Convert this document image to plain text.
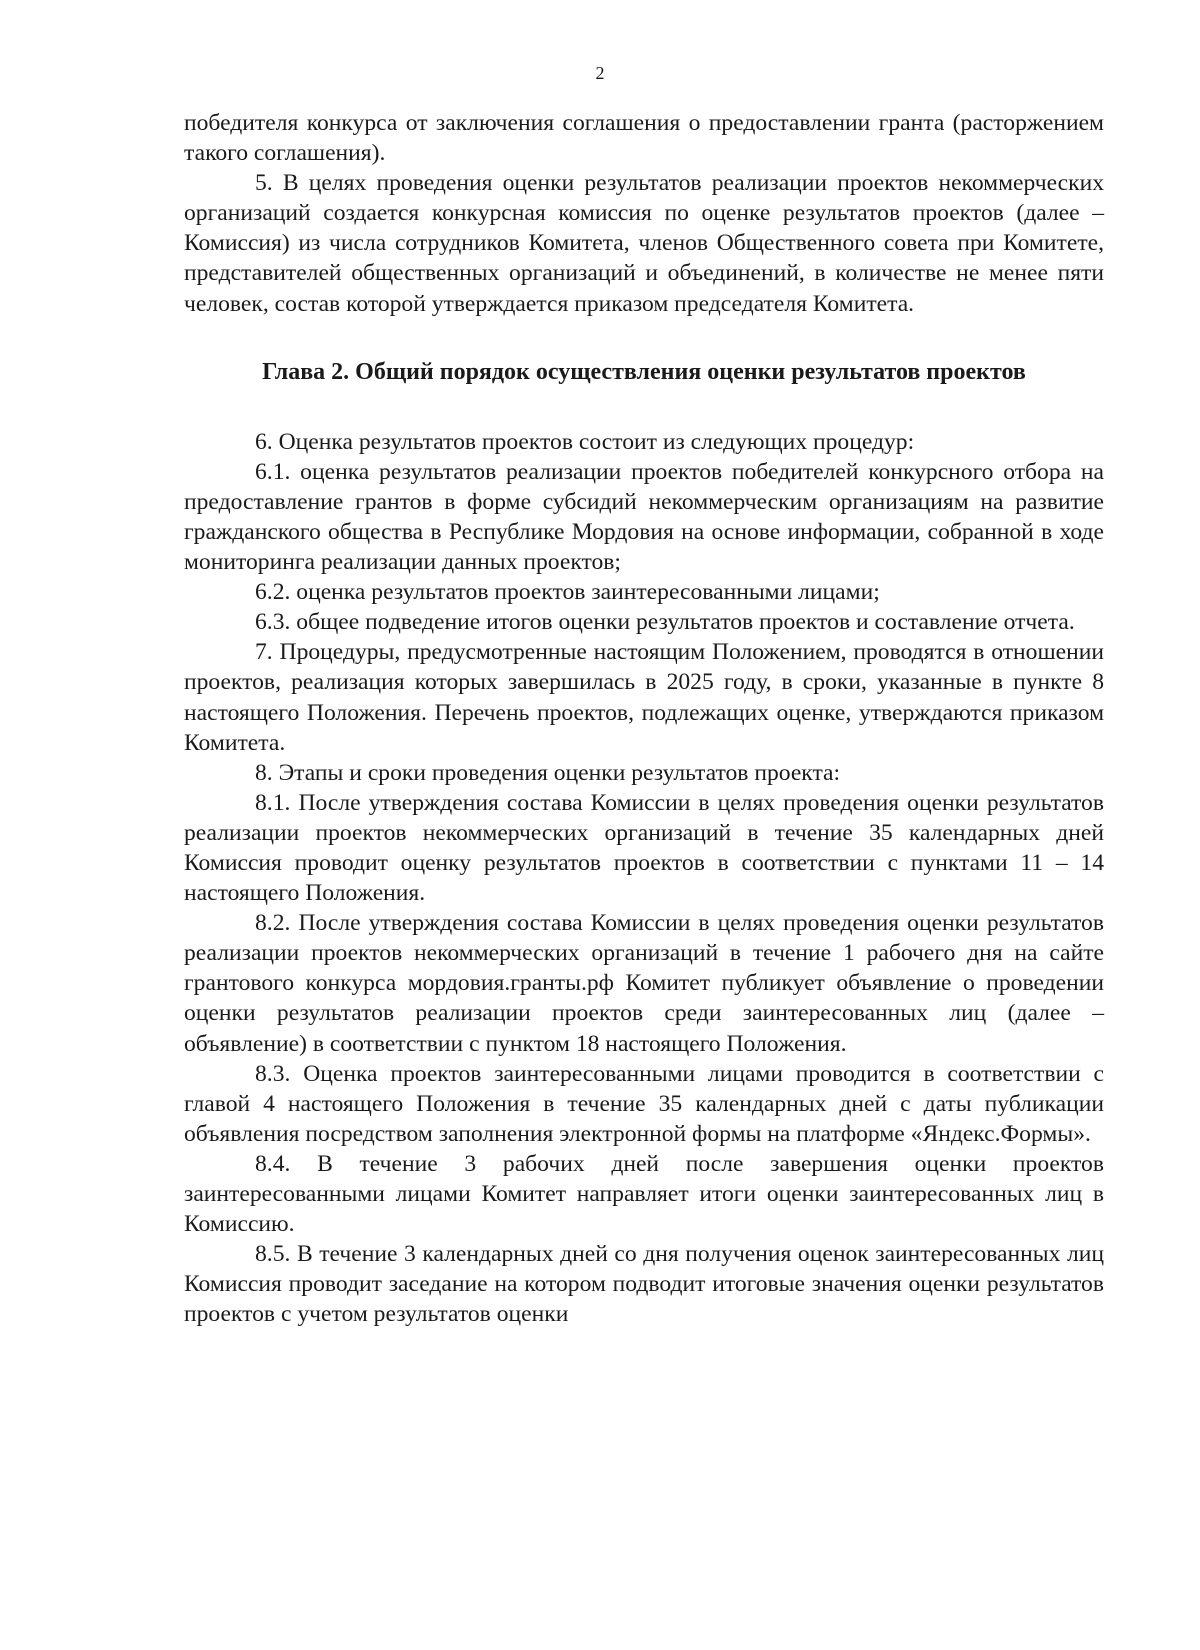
2

победителя конкурса от заключения соглашения о предоставлении гранта (расторжением такого соглашения).

5. В целях проведения оценки результатов реализации проектов некоммерческих организаций создается конкурсная комиссия по оценке результатов проектов (далее – Комиссия) из числа сотрудников Комитета, членов Общественного совета при Комитете, представителей общественных организаций и объединений, в количестве не менее пяти человек, состав которой утверждается приказом председателя Комитета.

Глава 2. Общий порядок осуществления оценки результатов проектов

6. Оценка результатов проектов состоит из следующих процедур:

6.1. оценка результатов реализации проектов победителей конкурсного отбора на предоставление грантов в форме субсидий некоммерческим организациям на развитие гражданского общества в Республике Мордовия на основе информации, собранной в ходе мониторинга реализации данных проектов;

6.2. оценка результатов проектов заинтересованными лицами;

6.3. общее подведение итогов оценки результатов проектов и составление отчета.

7. Процедуры, предусмотренные настоящим Положением, проводятся в отношении проектов, реализация которых завершилась в 2025 году, в сроки, указанные в пункте 8 настоящего Положения. Перечень проектов, подлежащих оценке, утверждаются приказом Комитета.

8. Этапы и сроки проведения оценки результатов проекта:

8.1. После утверждения состава Комиссии в целях проведения оценки результатов реализации проектов некоммерческих организаций в течение 35 календарных дней Комиссия проводит оценку результатов проектов в соответствии с пунктами 11 – 14 настоящего Положения.

8.2. После утверждения состава Комиссии в целях проведения оценки результатов реализации проектов некоммерческих организаций в течение 1 рабочего дня на сайте грантового конкурса мордовия.гранты.рф Комитет публикует объявление о проведении оценки результатов реализации проектов среди заинтересованных лиц (далее – объявление) в соответствии с пунктом 18 настоящего Положения.

8.3. Оценка проектов заинтересованными лицами проводится в соответствии с главой 4 настоящего Положения в течение 35 календарных дней с даты публикации объявления посредством заполнения электронной формы на платформе «Яндекс.Формы».

8.4. В течение 3 рабочих дней после завершения оценки проектов заинтересованными лицами Комитет направляет итоги оценки заинтересованных лиц в Комиссию.

8.5. В течение 3 календарных дней со дня получения оценок заинтересованных лиц Комиссия проводит заседание на котором подводит итоговые значения оценки результатов проектов с учетом результатов оценки
